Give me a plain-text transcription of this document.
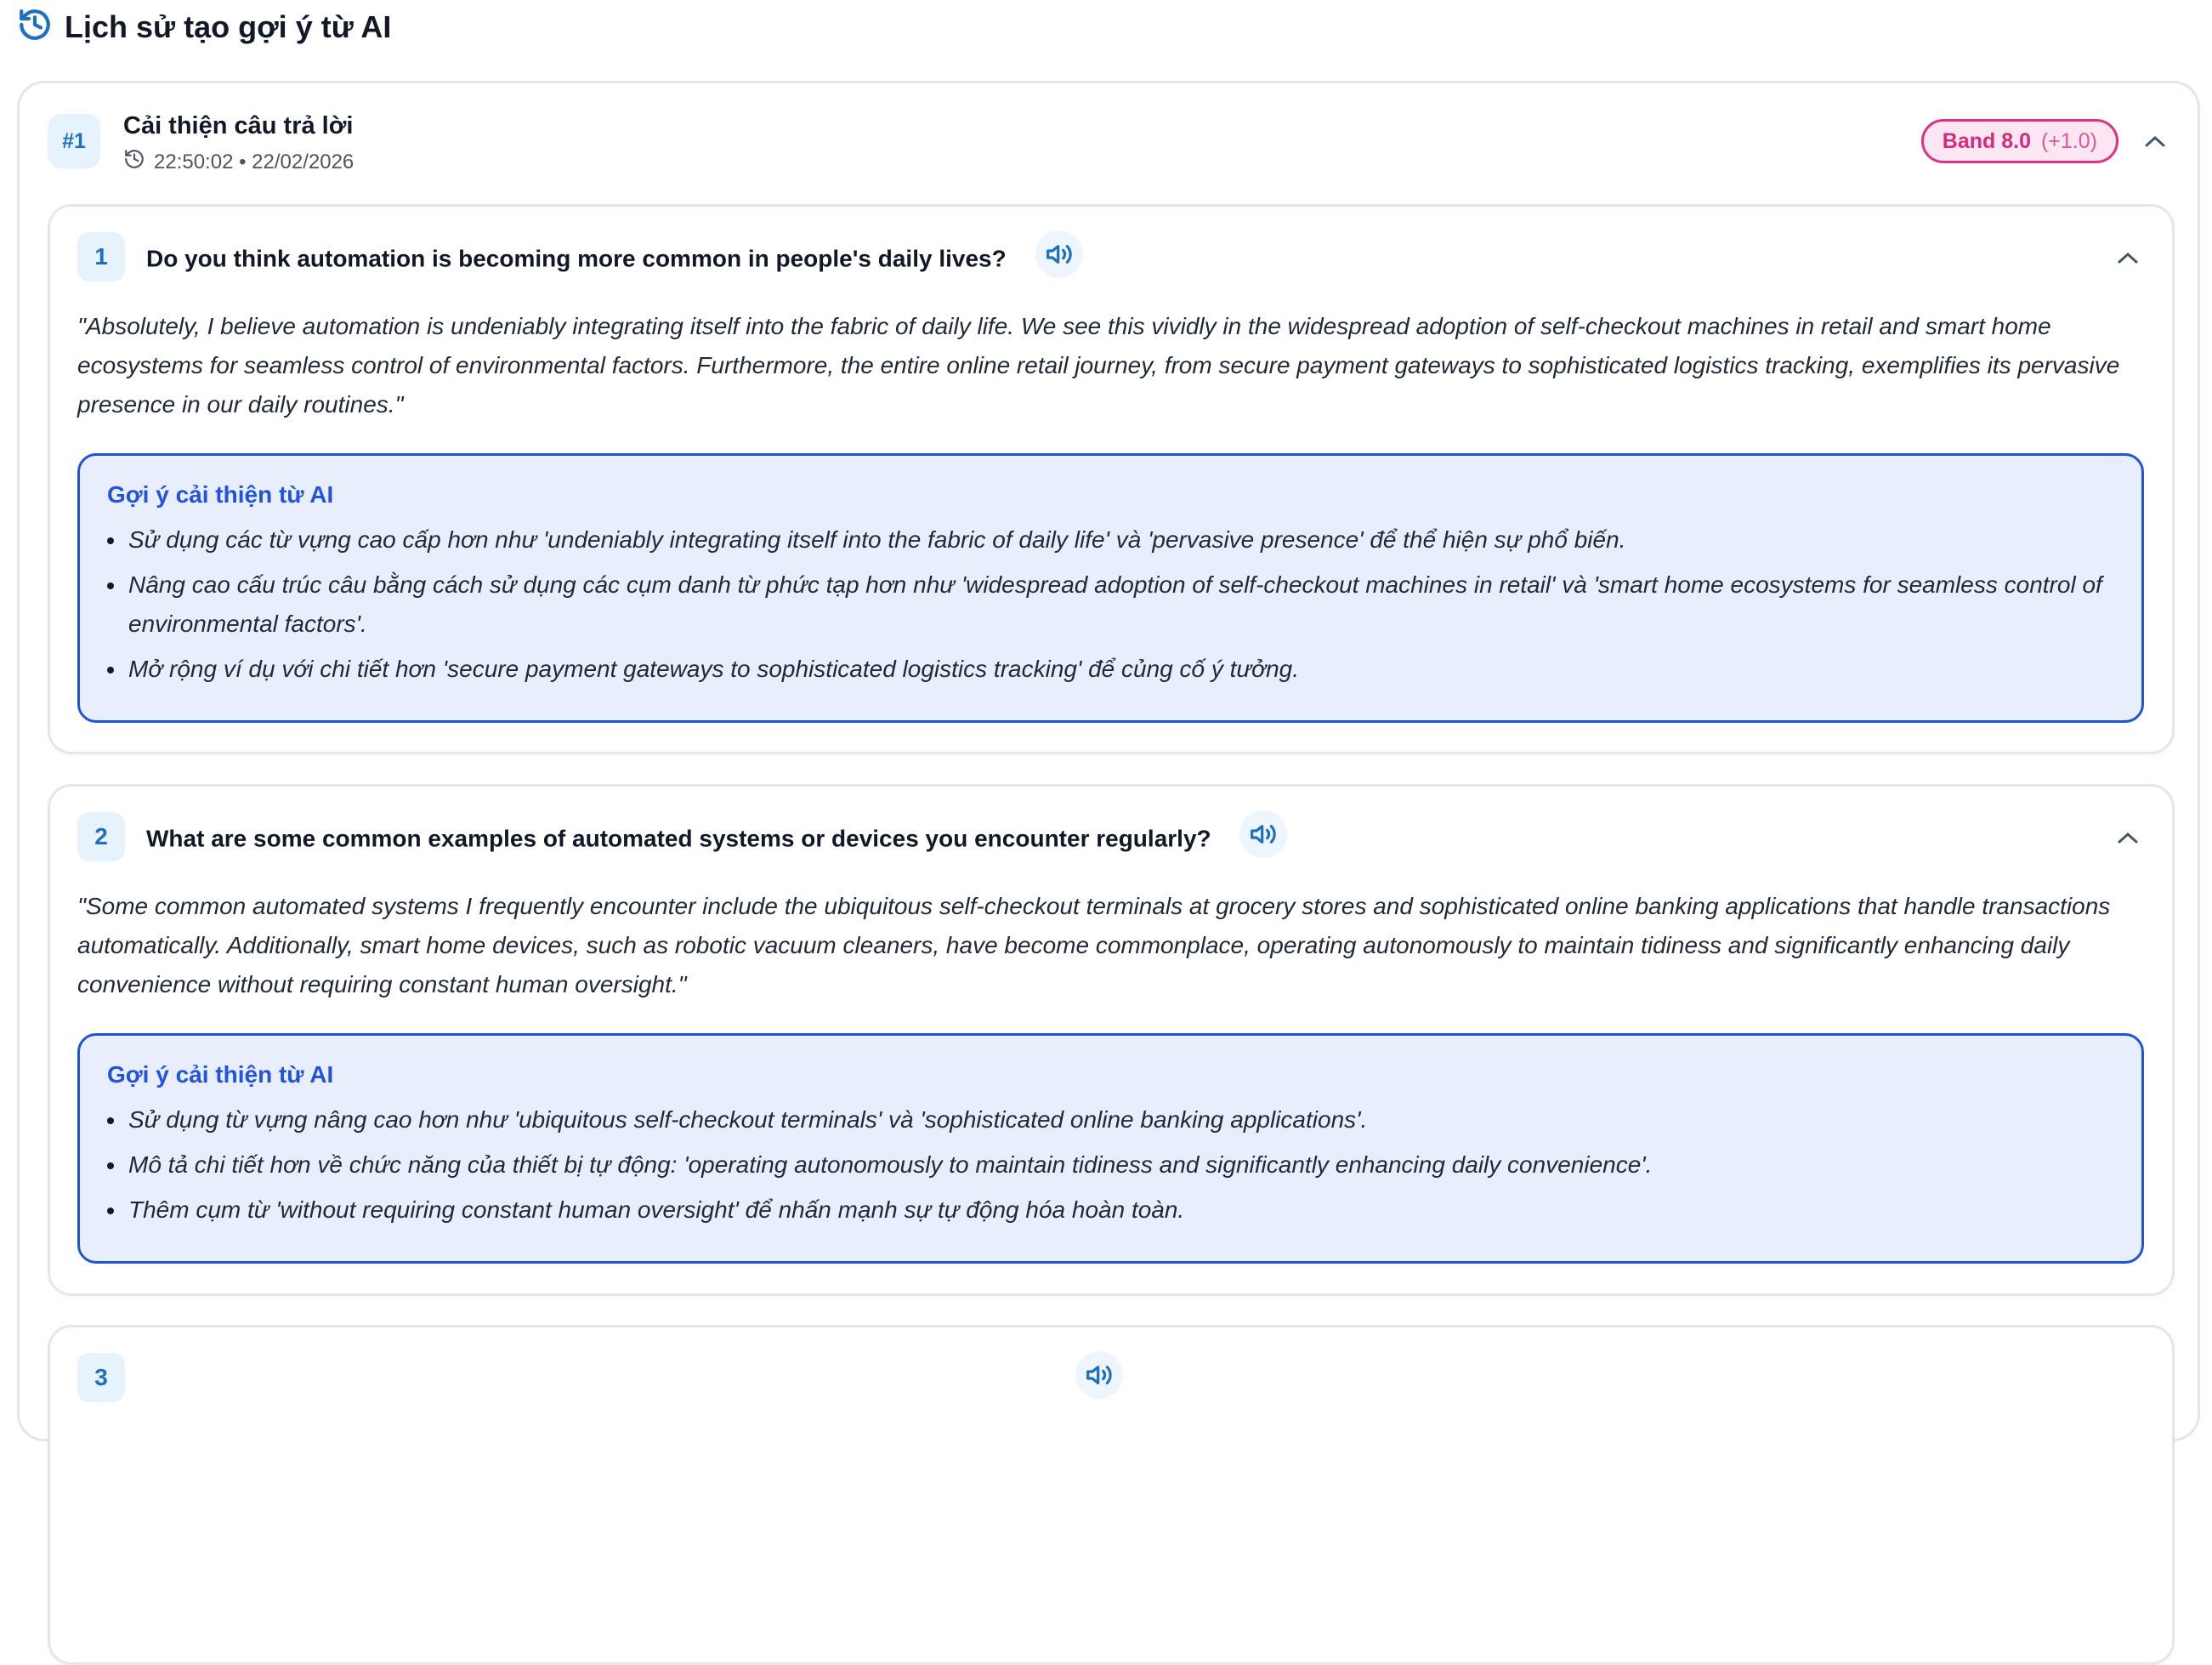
Lịch sử tạo gợi ý từ AI
#1
Cải thiện câu trả lời
22:50:02 • 22/02/2026
Band 8.0 (+1.0)
1	Do you think automation is becoming more common in people's daily lives?

"Absolutely, I believe automation is undeniably integrating itself into the fabric of daily life. We see this vividly in the widespread adoption of self-checkout machines in retail and smart home ecosystems for seamless control of environmental factors. Furthermore, the entire online retail journey, from secure payment gateways to sophisticated logistics tracking, exemplifies its pervasive presence in our daily routines."

Gợi ý cải thiện từ AI
Sử dụng các từ vựng cao cấp hơn như 'undeniably integrating itself into the fabric of daily life' và 'pervasive presence' để thể hiện sự phổ biến.
Nâng cao cấu trúc câu bằng cách sử dụng các cụm danh từ phức tạp hơn như 'widespread adoption of self-checkout machines in retail' và 'smart home ecosystems for seamless control of environmental factors'.
Mở rộng ví dụ với chi tiết hơn 'secure payment gateways to sophisticated logistics tracking' để củng cố ý tưởng.
2	What are some common examples of automated systems or devices you encounter regularly?

"Some common automated systems I frequently encounter include the ubiquitous self-checkout terminals at grocery stores and sophisticated online banking applications that handle transactions automatically. Additionally, smart home devices, such as robotic vacuum cleaners, have become commonplace, operating autonomously to maintain tidiness and significantly enhancing daily convenience without requiring constant human oversight."

Gợi ý cải thiện từ AI
Sử dụng từ vựng nâng cao hơn như 'ubiquitous self-checkout terminals' và 'sophisticated online banking applications'.
Mô tả chi tiết hơn về chức năng của thiết bị tự động: 'operating autonomously to maintain tidiness and significantly enhancing daily convenience'.
Thêm cụm từ 'without requiring constant human oversight' để nhấn mạnh sự tự động hóa hoàn toàn.
3
